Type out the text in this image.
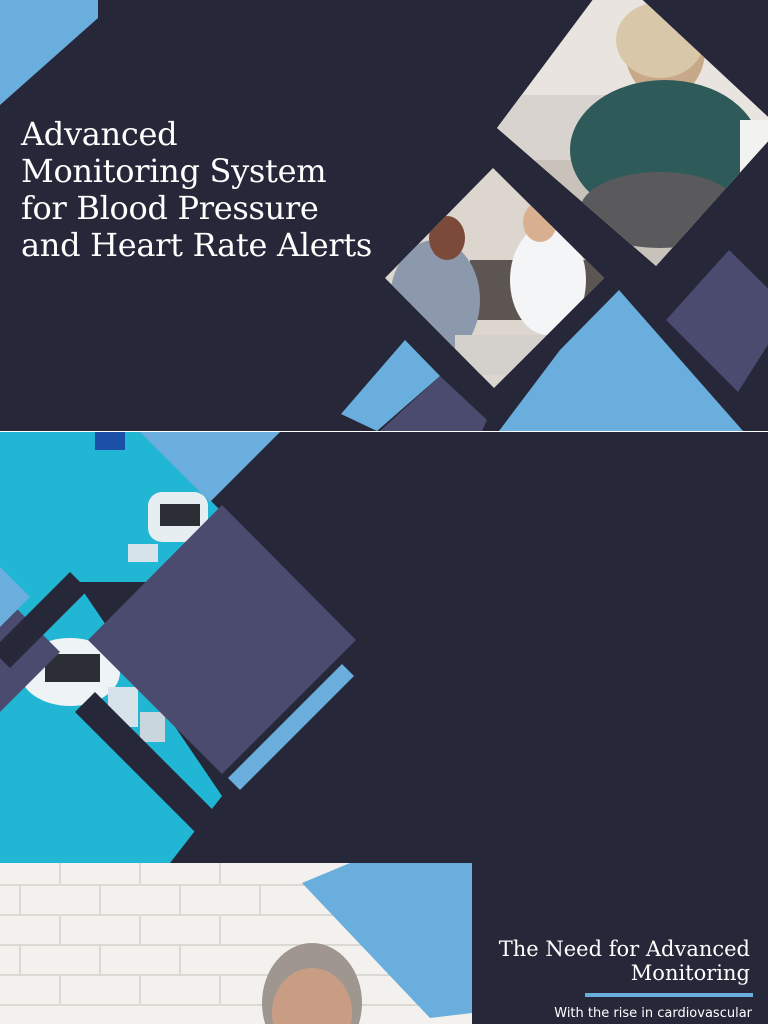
Advanced
Monitoring System
for Blood Pressure
and Heart Rate Alerts
The Need for Advanced
Monitoring
With the rise in cardiovascular
